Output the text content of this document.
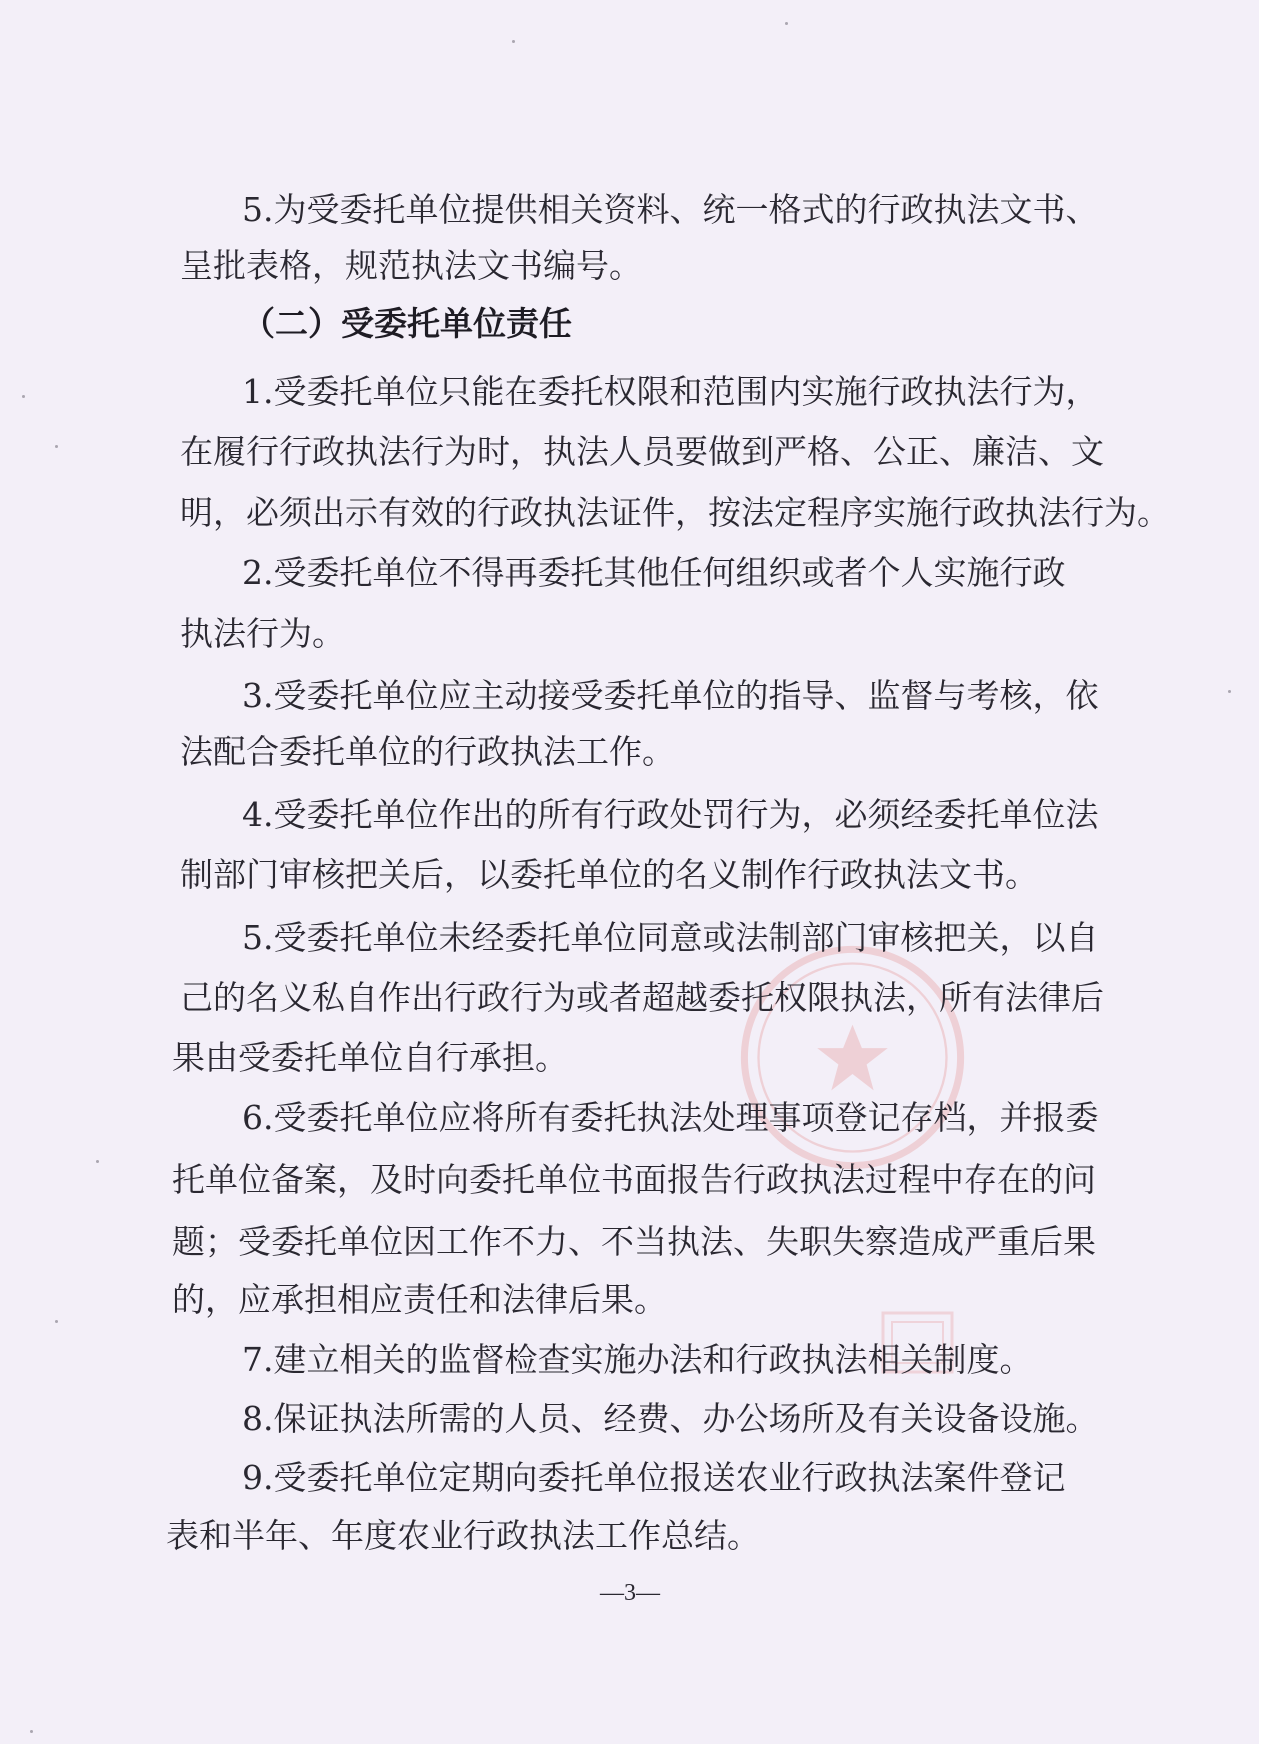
5.为受委托单位提供相关资料、统一格式的行政执法文书、
呈批表格，规范执法文书编号。
（二）受委托单位责任
1.受委托单位只能在委托权限和范围内实施行政执法行为，
在履行行政执法行为时，执法人员要做到严格、公正、廉洁、文
明，必须出示有效的行政执法证件，按法定程序实施行政执法行为。
2.受委托单位不得再委托其他任何组织或者个人实施行政
执法行为。
3.受委托单位应主动接受委托单位的指导、监督与考核，依
法配合委托单位的行政执法工作。
4.受委托单位作出的所有行政处罚行为，必须经委托单位法
制部门审核把关后，以委托单位的名义制作行政执法文书。
5.受委托单位未经委托单位同意或法制部门审核把关，以自
己的名义私自作出行政行为或者超越委托权限执法，所有法律后
果由受委托单位自行承担。
6.受委托单位应将所有委托执法处理事项登记存档，并报委
托单位备案，及时向委托单位书面报告行政执法过程中存在的问
题；受委托单位因工作不力、不当执法、失职失察造成严重后果
的，应承担相应责任和法律后果。
7.建立相关的监督检查实施办法和行政执法相关制度。
8.保证执法所需的人员、经费、办公场所及有关设备设施。
9.受委托单位定期向委托单位报送农业行政执法案件登记
表和半年、年度农业行政执法工作总结。
—3—
